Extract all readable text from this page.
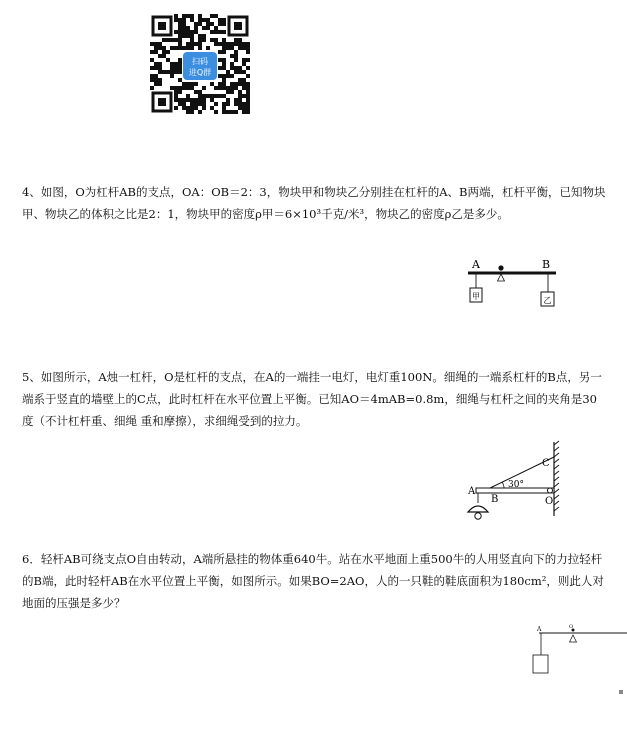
扫码
进Q群

4、如图，O为杠杆AB的支点，OA：OB＝2：3，物块甲和物块乙分别挂在杠杆的A、B两端，杠杆平衡，已知物块甲、物块乙的体积之比是2：1，物块甲的密度ρ甲＝6×10³千克/米³，物块乙的密度ρ乙是多少。

A	B
甲	乙

5、如图所示，A烛一杠杆，O是杠杆的支点，在A的一端挂一电灯，电灯重100N。细绳的一端系杠杆的B点，另一端系于竖直的墙壁上的C点，此时杠杆在水平位置上平衡。已知AO＝4mAB=0.8m，细绳与杠杆之间的夹角是30度（不计杠杆重、细绳 重和摩擦），求细绳受到的拉力。

C
O
A
B
30°

6．轻杆AB可绕支点O自由转动，A端所悬挂的物体重640牛。站在水平地面上重500牛的人用竖直向下的力拉轻杆的B端，此时轻杆AB在水平位置上平衡，如图所示。如果BO=2AO，人的一只鞋的鞋底面积为180cm²，则此人对地面的压强是多少？

A	O
